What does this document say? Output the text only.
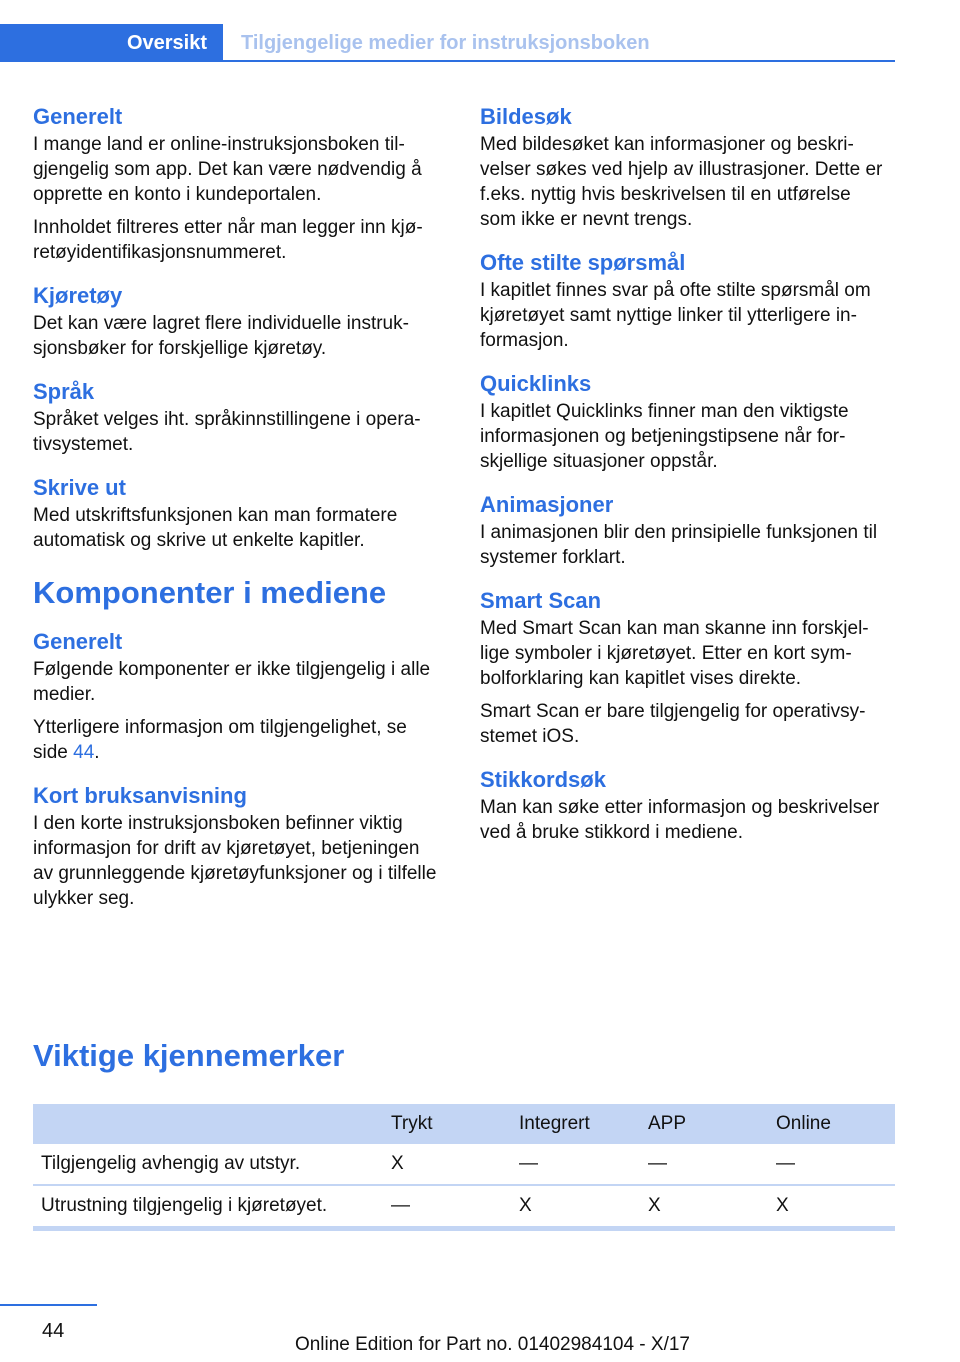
Oversikt	Tilgjengelige medier for instruksjonsboken
Generelt

I mange land er online-instruksjonsboken tilgjengelig som app. Det kan være nødvendig å opprette en konto i kundeportalen.

Innholdet filtreres etter når man legger inn kjøretøyidentifikasjonsnummeret.

Kjøretøy

Det kan være lagret flere individuelle instruksjonsbøker for forskjellige kjøretøy.

Språk

Språket velges iht. språkinnstillingene i operativsystemet.

Skrive ut

Med utskriftsfunksjonen kan man formatere automatisk og skrive ut enkelte kapitler.

Komponenter i mediene
Generelt

Følgende komponenter er ikke tilgjengelig i alle medier.

Ytterligere informasjon om tilgjengelighet, se side 44.

Kort bruksanvisning

I den korte instruksjonsboken befinner viktig informasjon for drift av kjøretøyet, betjeningen av grunnleggende kjøretøyfunksjoner og i tilfelle ulykker seg.

Bildesøk

Med bildesøket kan informasjoner og beskrivelser søkes ved hjelp av illustrasjoner. Dette er f.eks. nyttig hvis beskrivelsen til en utførelse som ikke er nevnt trengs.

Ofte stilte spørsmål

I kapitlet finnes svar på ofte stilte spørsmål om kjøretøyet samt nyttige linker til ytterligere informasjon.

Quicklinks

I kapitlet Quicklinks finner man den viktigste informasjonen og betjeningstipsene når forskjellige situasjoner oppstår.

Animasjoner

I animasjonen blir den prinsipielle funksjonen til systemer forklart.

Smart Scan

Med Smart Scan kan man skanne inn forskjellige symboler i kjøretøyet. Etter en kort symbolforklaring kan kapitlet vises direkte.

Smart Scan er bare tilgjengelig for operativsystemet iOS.

Stikkordsøk

Man kan søke etter informasjon og beskrivelser ved å bruke stikkord i mediene.

Viktige kjennemerker
	Trykt	Integrert	APP	Online
Tilgjengelig avhengig av utstyr.	X	—	—	—
Utrustning tilgjengelig i kjøretøyet.	—	X	X	X
44
Online Edition for Part no. 01402984104 - X/17
